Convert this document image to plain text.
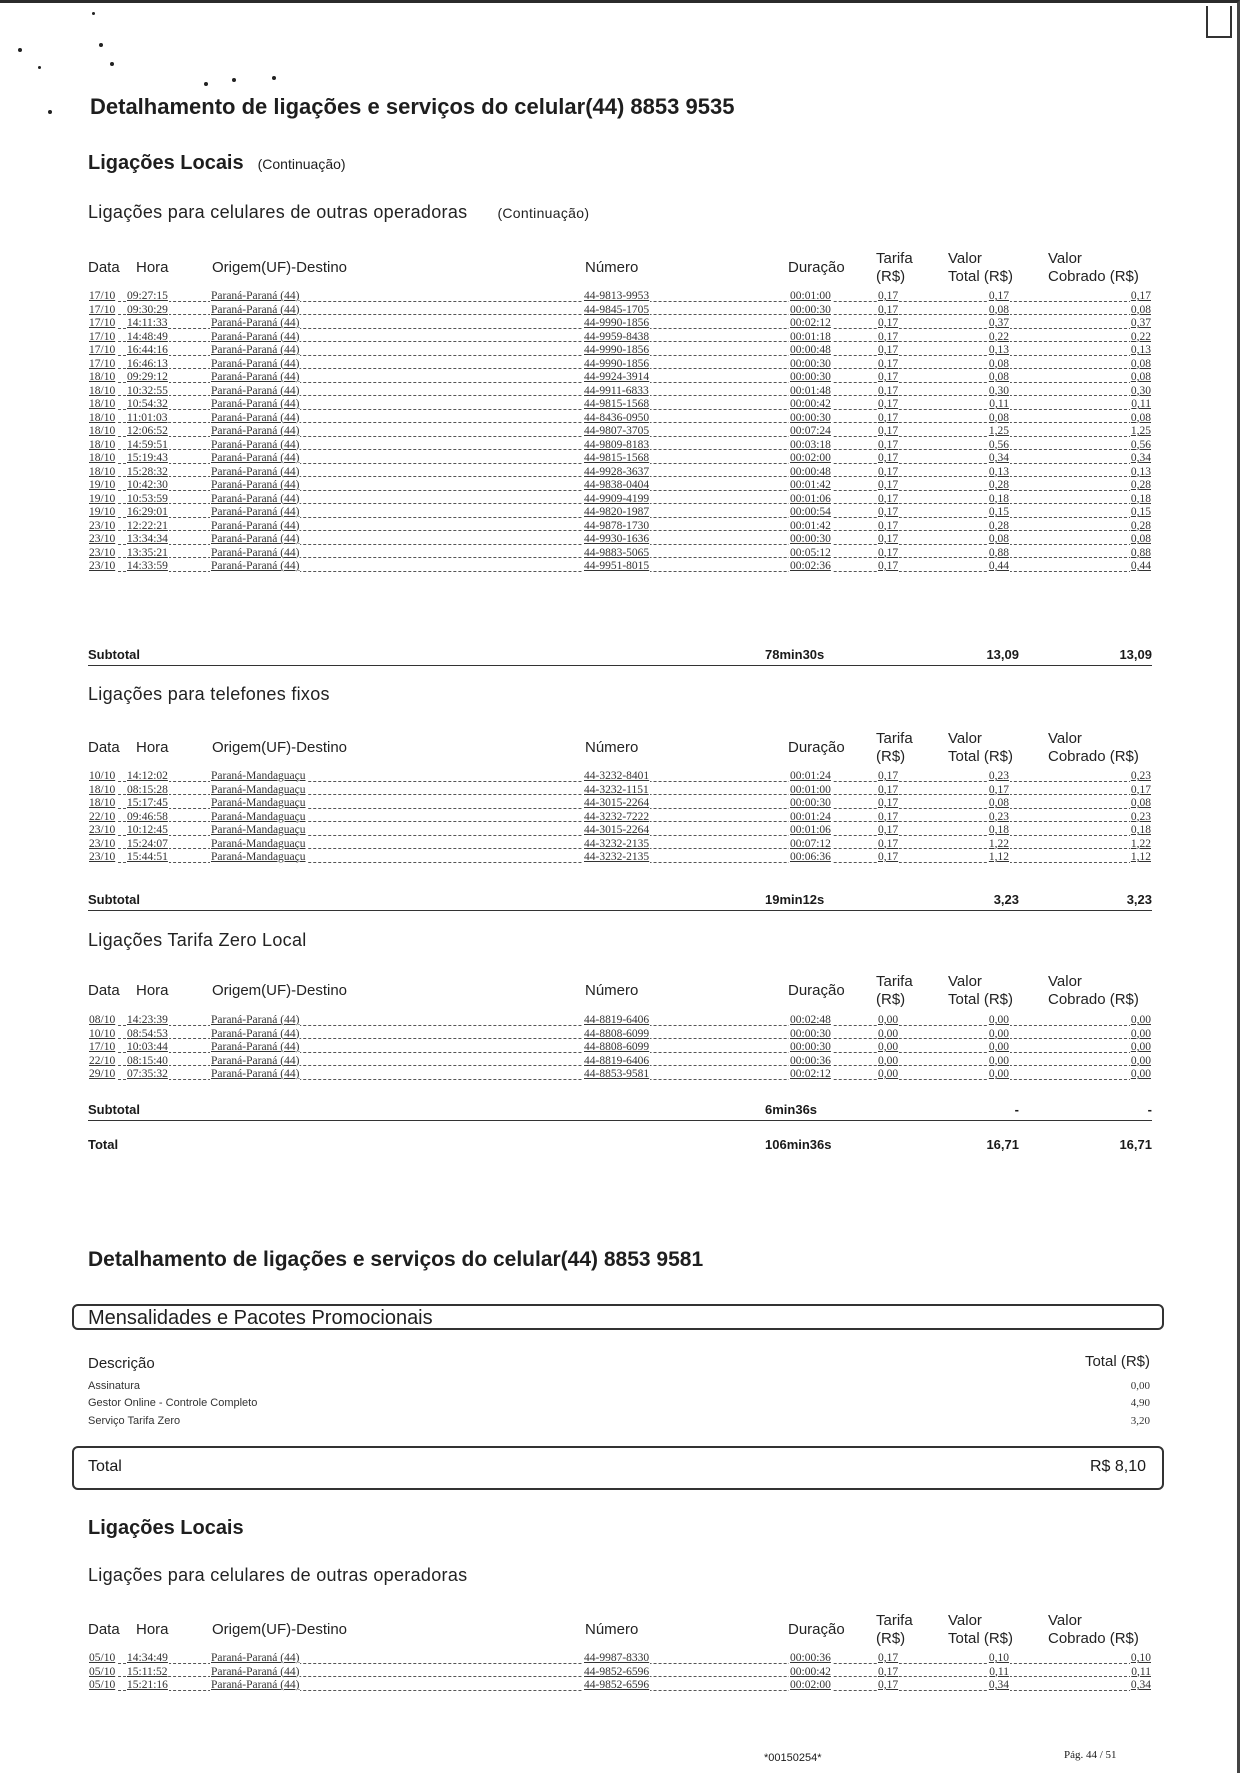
Detalhamento de ligações e serviços do celular(44) 8853 9535
Ligações Locais (Continuação)
Ligações para celulares de outras operadoras (Continuação)
Data Hora	Origem(UF)-Destino	Número	Duração
Tarifa
(R$)
Valor
Total (R$)
Valor
Cobrado (R$)
17/10 09:27:15	Paraná-Paraná (44)	44-9813-9953	00:01:00	0,17	0,17	0,17
17/10 09:30:29	Paraná-Paraná (44)	44-9845-1705	00:00:30	0,17	0,08	0,08
17/10 14:11:33	Paraná-Paraná (44)	44-9990-1856	00:02:12	0,17	0,37	0,37
17/10 14:48:49	Paraná-Paraná (44)	44-9959-8438	00:01:18	0,17	0,22	0,22
17/10 16:44:16	Paraná-Paraná (44)	44-9990-1856	00:00:48	0,17	0,13	0,13
17/10 16:46:13	Paraná-Paraná (44)	44-9990-1856	00:00:30	0,17	0,08	0,08
18/10 09:29:12	Paraná-Paraná (44)	44-9924-3914	00:00:30	0,17	0,08	0,08
18/10 10:32:55	Paraná-Paraná (44)	44-9911-6833	00:01:48	0,17	0,30	0,30
18/10 10:54:32	Paraná-Paraná (44)	44-9815-1568	00:00:42	0,17	0,11	0,11
18/10 11:01:03	Paraná-Paraná (44)	44-8436-0950	00:00:30	0,17	0,08	0,08
18/10 12:06:52	Paraná-Paraná (44)	44-9807-3705	00:07:24	0,17	1,25	1,25
18/10 14:59:51	Paraná-Paraná (44)	44-9809-8183	00:03:18	0,17	0,56	0,56
18/10 15:19:43	Paraná-Paraná (44)	44-9815-1568	00:02:00	0,17	0,34	0,34
18/10 15:28:32	Paraná-Paraná (44)	44-9928-3637	00:00:48	0,17	0,13	0,13
19/10 10:42:30	Paraná-Paraná (44)	44-9838-0404	00:01:42	0,17	0,28	0,28
19/10 10:53:59	Paraná-Paraná (44)	44-9909-4199	00:01:06	0,17	0,18	0,18
19/10 16:29:01	Paraná-Paraná (44)	44-9820-1987	00:00:54	0,17	0,15	0,15
23/10 12:22:21	Paraná-Paraná (44)	44-9878-1730	00:01:42	0,17	0,28	0,28
23/10 13:34:34	Paraná-Paraná (44)	44-9930-1636	00:00:30	0,17	0,08	0,08
23/10 13:35:21	Paraná-Paraná (44)	44-9883-5065	00:05:12	0,17	0,88	0,88
23/10 14:33:59	Paraná-Paraná (44)	44-9951-8015	00:02:36	0,17	0,44	0,44
Subtotal	78min30s	13,09	13,09
Ligações para telefones fixos
Data Hora	Origem(UF)-Destino	Número	Duração
Tarifa
(R$)
Valor
Total (R$)
Valor
Cobrado (R$)
10/10 14:12:02	Paraná-Mandaguaçu	44-3232-8401	00:01:24	0,17	0,23	0,23
18/10 08:15:28	Paraná-Mandaguaçu	44-3232-1151	00:01:00	0,17	0,17	0,17
18/10 15:17:45	Paraná-Mandaguaçu	44-3015-2264	00:00:30	0,17	0,08	0,08
22/10 09:46:58	Paraná-Mandaguaçu	44-3232-7222	00:01:24	0,17	0,23	0,23
23/10 10:12:45	Paraná-Mandaguaçu	44-3015-2264	00:01:06	0,17	0,18	0,18
23/10 15:24:07	Paraná-Mandaguaçu	44-3232-2135	00:07:12	0,17	1,22	1,22
23/10 15:44:51	Paraná-Mandaguaçu	44-3232-2135	00:06:36	0,17	1,12	1,12
Subtotal	19min12s	3,23	3,23
Ligações Tarifa Zero Local
Data Hora	Origem(UF)-Destino	Número	Duração
Tarifa
(R$)
Valor
Total (R$)
Valor
Cobrado (R$)
08/10 14:23:39	Paraná-Paraná (44)	44-8819-6406	00:02:48	0,00	0,00	0,00
10/10 08:54:53	Paraná-Paraná (44)	44-8808-6099	00:00:30	0,00	0,00	0,00
17/10 10:03:44	Paraná-Paraná (44)	44-8808-6099	00:00:30	0,00	0,00	0,00
22/10 08:15:40	Paraná-Paraná (44)	44-8819-6406	00:00:36	0,00	0,00	0,00
29/10 07:35:32	Paraná-Paraná (44)	44-8853-9581	00:02:12	0,00	0,00	0,00
Subtotal	6min36s	-	-
Total	106min36s	16,71	16,71
Detalhamento de ligações e serviços do celular(44) 8853 9581
Mensalidades e Pacotes Promocionais
Descrição	Total (R$)
Assinatura	0,00
Gestor Online - Controle Completo	4,90
Serviço Tarifa Zero	3,20
Total	R$ 8,10
Ligações Locais
Ligações para celulares de outras operadoras
Data Hora	Origem(UF)-Destino	Número	Duração
Tarifa
(R$)
Valor
Total (R$)
Valor
Cobrado (R$)
05/10 14:34:49	Paraná-Paraná (44)	44-9987-8330	00:00:36	0,17	0,10	0,10
05/10 15:11:52	Paraná-Paraná (44)	44-9852-6596	00:00:42	0,17	0,11	0,11
05/10 15:21:16	Paraná-Paraná (44)	44-9852-6596	00:02:00	0,17	0,34	0,34
*00150254*	Pág. 44 / 51
